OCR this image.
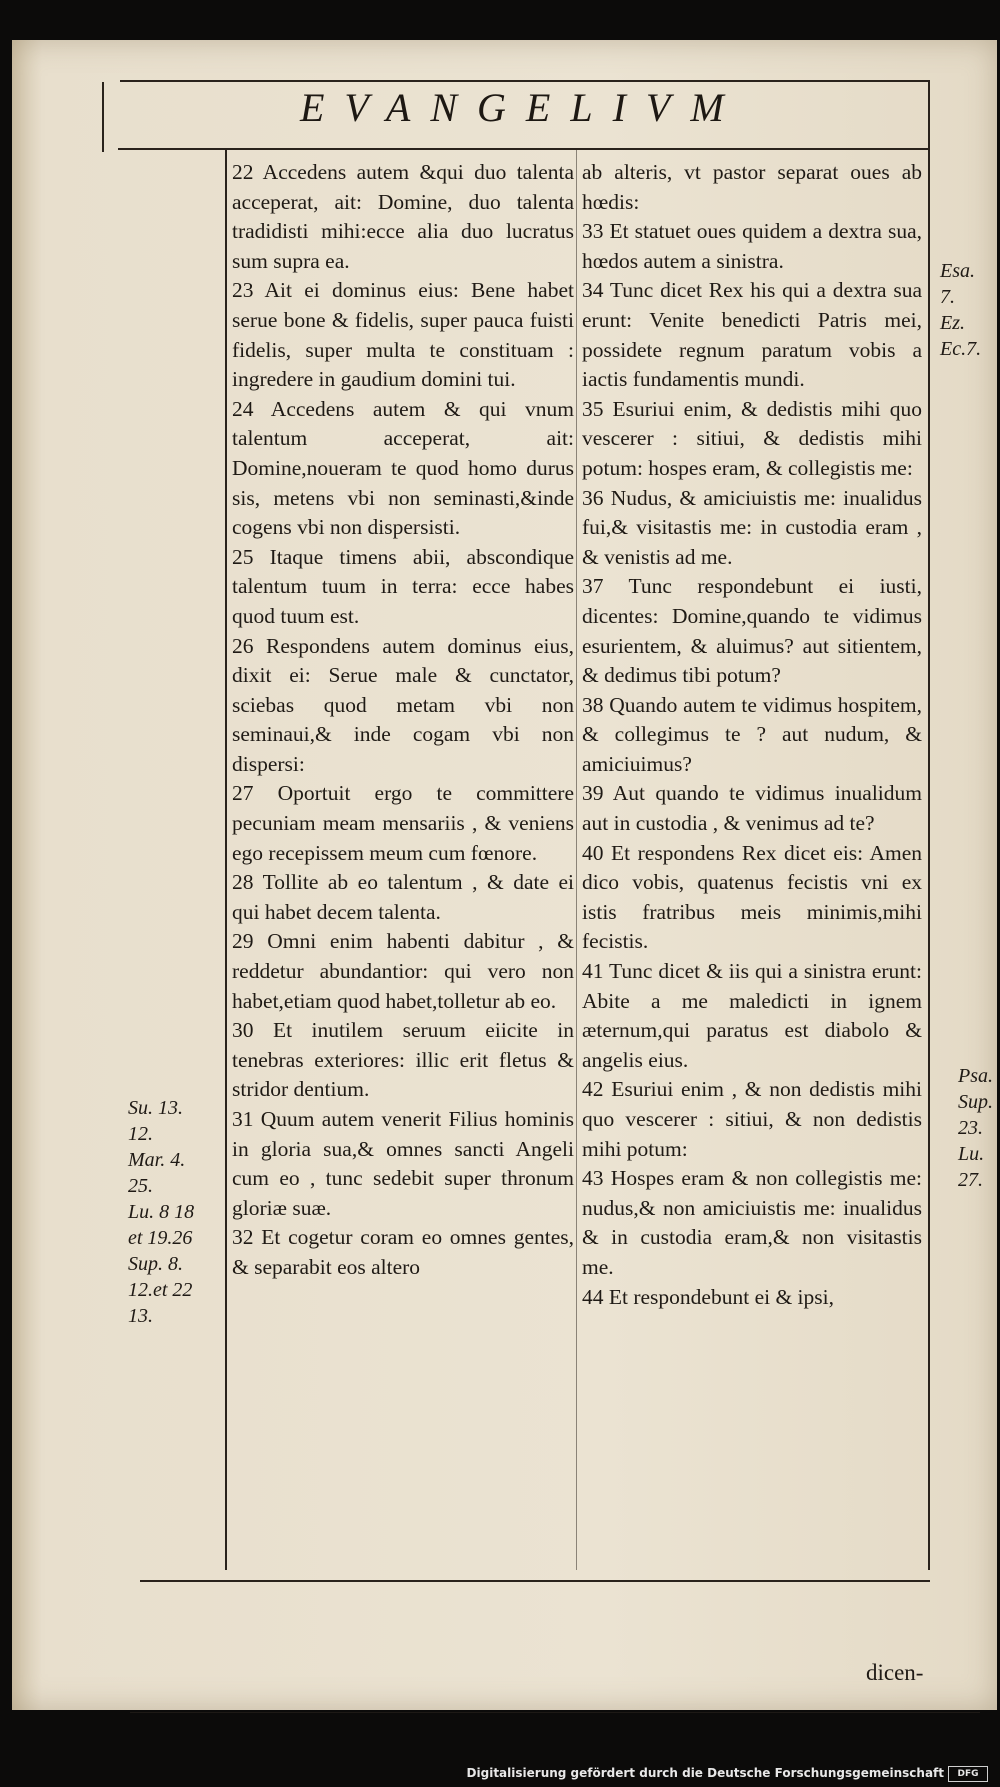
EVANGELIVM

22 Accedens autem &qui duo talenta acceperat, ait: Domine, duo talenta tradidisti mihi:ecce alia duo lucratus sum supra ea.

23 Ait ei dominus eius: Bene habet serue bone & fidelis, super pauca fuisti fidelis, super multa te constituam : ingredere in gaudium domini tui.

24 Accedens autem & qui vnum talentum acceperat, ait: Domine,noueram te quod homo durus sis, metens vbi non seminasti,&inde cogens vbi non dispersisti.

25 Itaque timens abii, abscondique talentum tuum in terra: ecce habes quod tuum est.

26 Respondens autem dominus eius, dixit ei: Serue male & cunctator, sciebas quod metam vbi non seminaui,& inde cogam vbi non dispersi:

27 Oportuit ergo te committere pecuniam meam mensariis , & veniens ego recepissem meum cum fœnore.

28 Tollite ab eo talentum , & date ei qui habet decem talenta.

29 Omni enim habenti dabitur , & reddetur abundantior: qui vero non habet,etiam quod habet,tolletur ab eo.

30 Et inutilem seruum eiicite in tenebras exteriores: illic erit fletus & stridor dentium.

31 Quum autem venerit Filius hominis in gloria sua,& omnes sancti Angeli cum eo , tunc sedebit super thronum gloriæ suæ.

32 Et cogetur coram eo omnes gentes, & separabit eos altero

ab alteris, vt pastor separat oues ab hœdis:

33 Et statuet oues quidem a dextra sua, hœdos autem a sinistra.

34 Tunc dicet Rex his qui a dextra sua erunt: Venite benedicti Patris mei, possidete regnum paratum vobis a iactis fundamentis mundi.

35 Esuriui enim, & dedistis mihi quo vescerer : sitiui, & dedistis mihi potum: hospes eram, & collegistis me:

36 Nudus, & amiciuistis me: inualidus fui,& visitastis me: in custodia eram , & venistis ad me.

37 Tunc respondebunt ei iusti, dicentes: Domine,quando te vidimus esurientem, & aluimus? aut sitientem, & dedimus tibi potum?

38 Quando autem te vidimus hospitem, & collegimus te ? aut nudum, & amiciuimus?

39 Aut quando te vidimus inualidum aut in custodia , & venimus ad te?

40 Et respondens Rex dicet eis: Amen dico vobis, quatenus fecistis vni ex istis fratribus meis minimis,mihi fecistis.

41 Tunc dicet & iis qui a sinistra erunt: Abite a me maledicti in ignem æternum,qui paratus est diabolo & angelis eius.

42 Esuriui enim , & non dedistis mihi quo vescerer : sitiui, & non dedistis mihi potum:

43 Hospes eram & non collegistis me: nudus,& non amiciuistis me: inualidus & in custodia eram,& non visitastis me.

44 Et respondebunt ei & ipsi,

Su. 13.

12.

Mar. 4.

25.

Lu. 8 18

et 19.26

Sup. 8.

12.et 22

13.

Esa.

7.

Ez.

Ec.7.

Psa.

Sup.

23.

Lu.

27.

dicen-
Digitalisierung gefördert durch die Deutsche Forschungsgemeinschaft	DFG
